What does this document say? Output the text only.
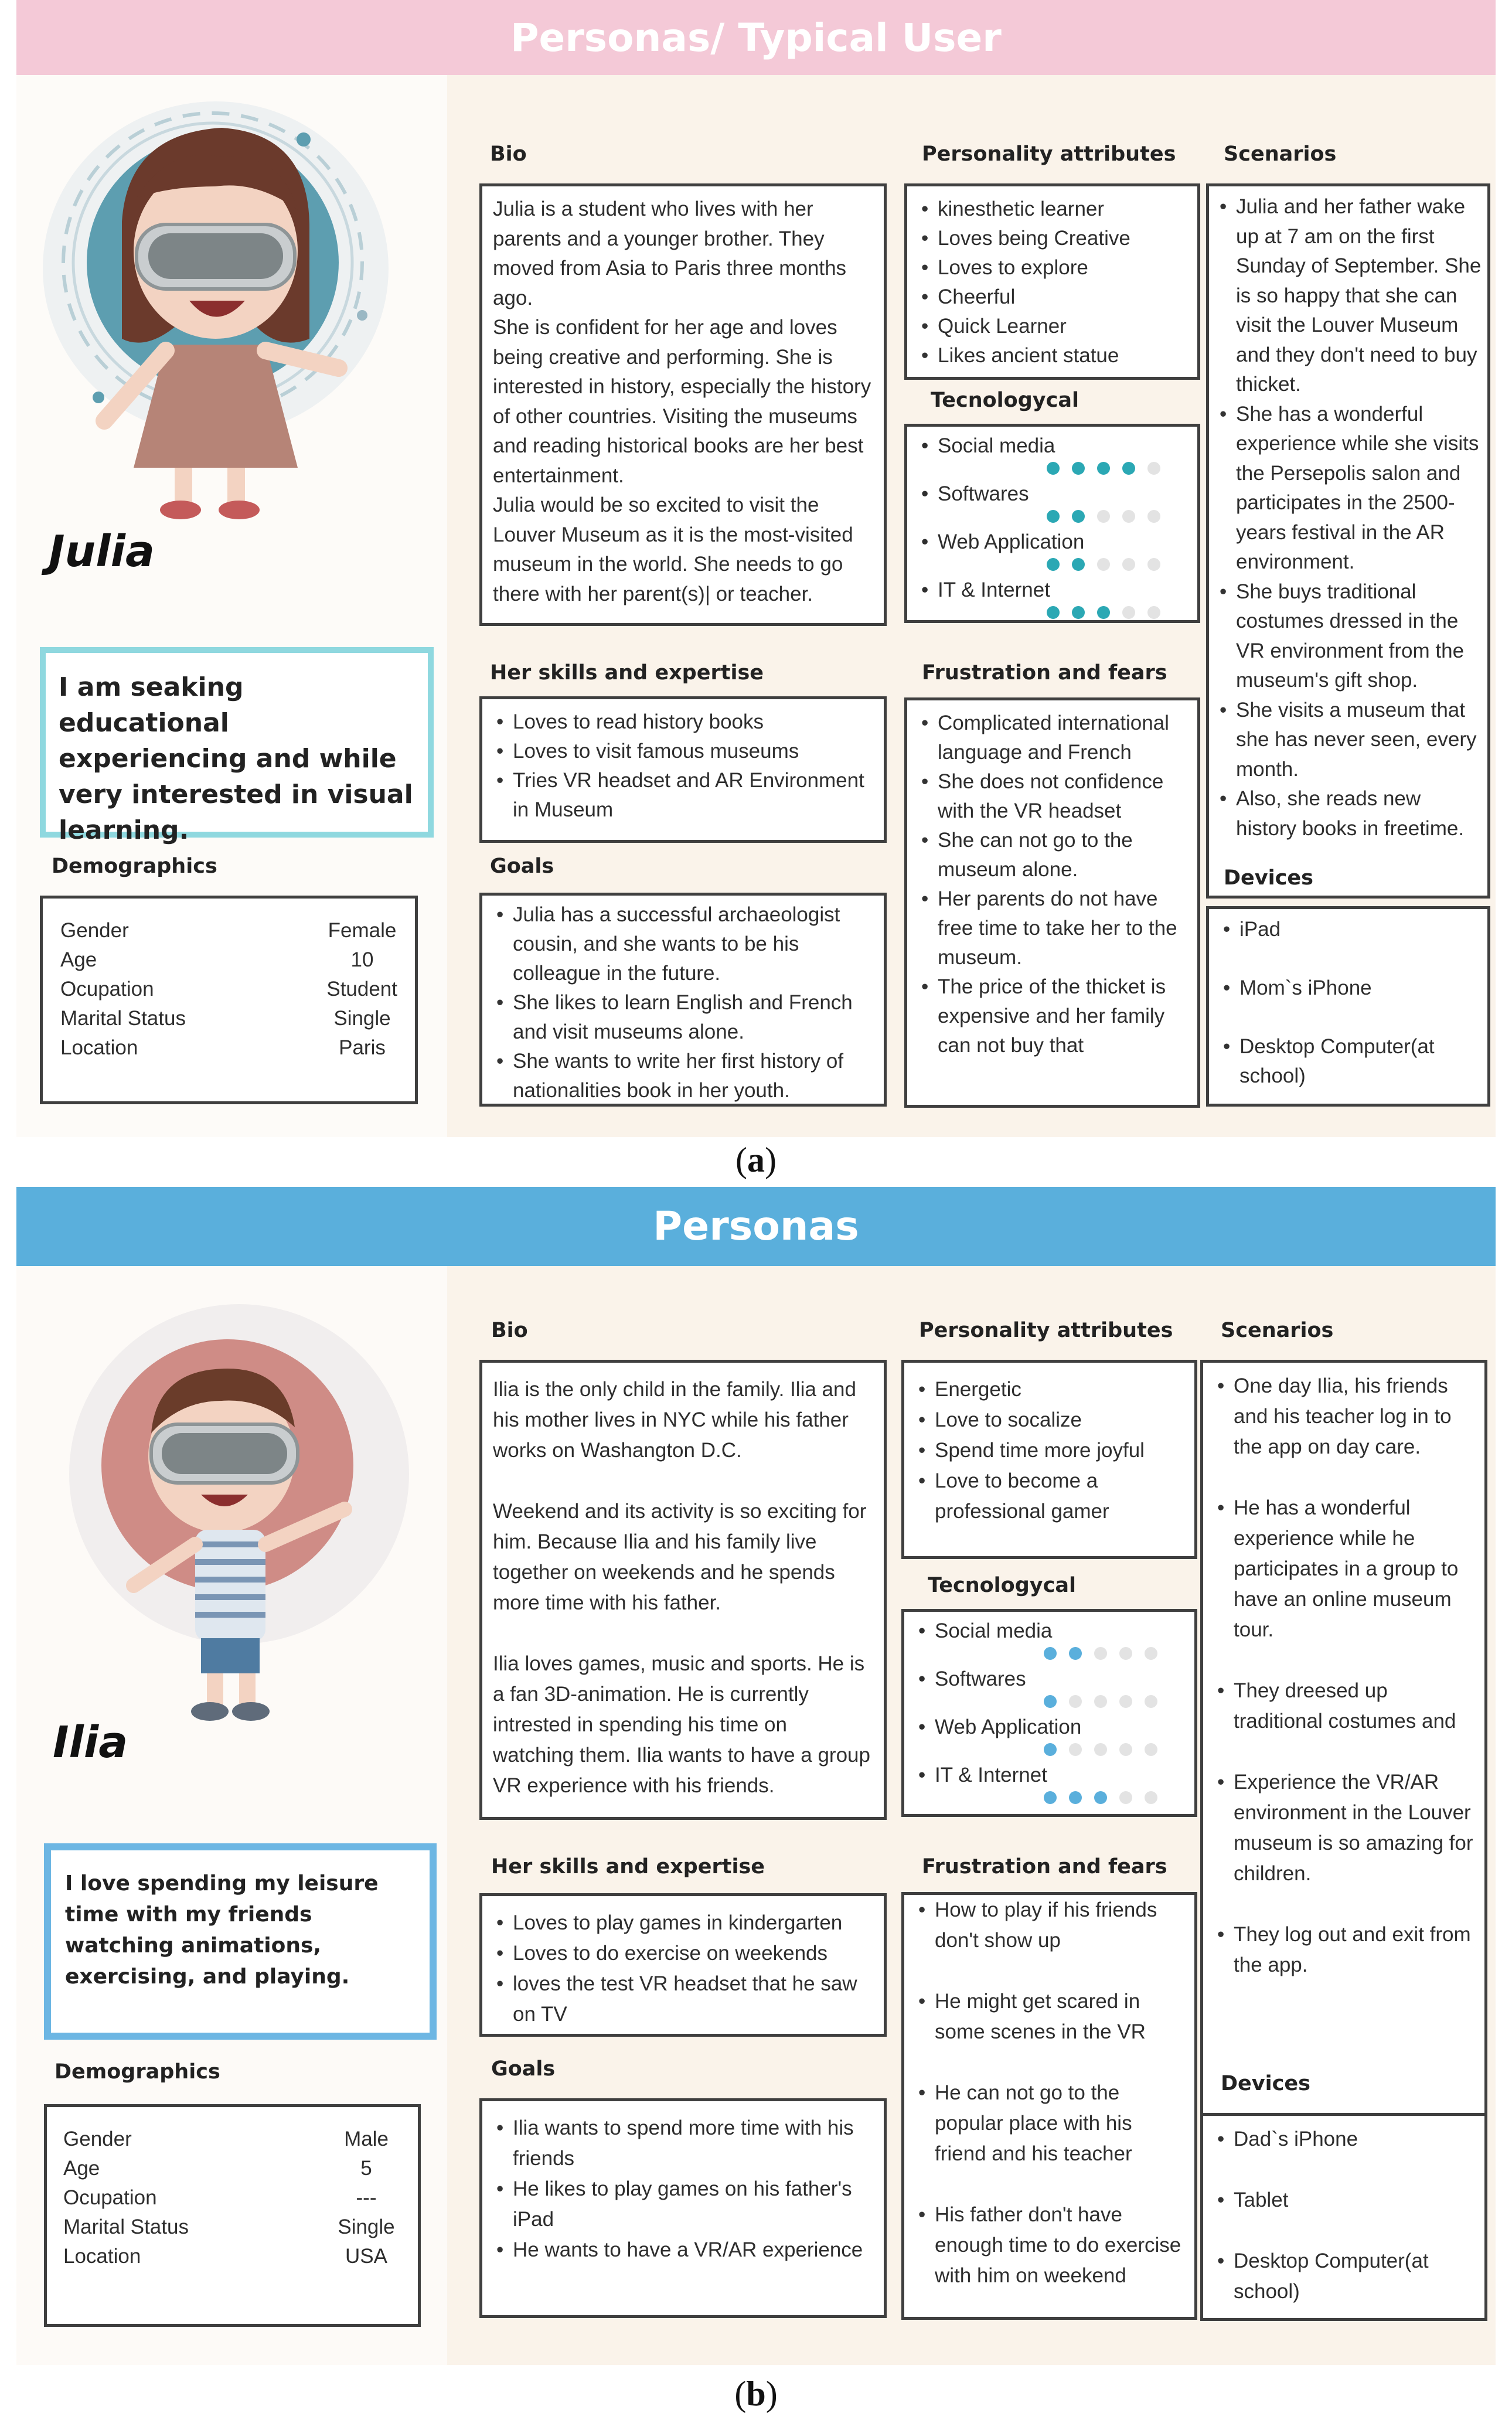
Personas/ Typical User
Julia
I am seaking educational experiencing and while very interested in visual learning.
Demographics
Gender	Female
Age	10
Ocupation	Student
Marital Status	Single
Location	Paris
Bio

Julia is a student who lives with her parents and a younger brother. They moved from Asia to Paris three months ago.

She is confident for her age and loves being creative and performing. She is interested in history, especially the history of other countries. Visiting the museums and reading historical books are her best entertainment.

Julia would be so excited to visit the Louver Museum as it is the most-visited museum in the world. She needs to go there with her parent(s)| or teacher.

Personality attributes
• kinesthetic learner
• Loves being Creative
• Loves to explore
• Cheerful
• Quick Learner
• Likes ancient statue
Tecnologycal
• Social media
• Softwares
• Web Application
• IT & Internet
Scenarios
• Julia and her father wake up at 7 am on the first Sunday of September. She is so happy that she can visit the Louver Museum and they don't need to buy thicket.
• She has a wonderful experience while she visits the Persepolis salon and participates in the 2500-years festival in the AR environment.
• She buys traditional costumes dressed in the VR environment from the museum's gift shop.
• She visits a museum that she has never seen, every month.
• Also, she reads new history books in freetime.
Her skills and expertise
• Loves to read history books
• Loves to visit famous museums
• Tries VR headset and AR Environment in Museum
Goals
• Julia has a successful archaeologist cousin, and she wants to be his colleague in the future.
• She likes to learn English and French and visit museums alone.
• She wants to write her first history of nationalities book in her youth.
Frustration and fears
• Complicated international language and French
• She does not confidence with the VR headset
• She can not go to the museum alone.
• Her parents do not have free time to take her to the museum.
• The price of the thicket is expensive and her family can not buy that
Devices
• iPad
• Mom`s iPhone
• Desktop Computer(at school)
(a)
Personas
Ilia
I love spending my leisure time with my friends watching animations, exercising, and playing.
Demographics
Gender	Male
Age	5
Ocupation	---
Marital Status	Single
Location	USA
Bio

Ilia is the only child in the family. Ilia and his mother lives in NYC while his father works on Washangton D.C.

Weekend and its activity is so exciting for him. Because Ilia and his family live together on weekends and he spends more time with his father.

Ilia loves games, music and sports. He is a fan 3D-animation. He is currently intrested in spending his time on watching them. Ilia wants to have a group VR experience with his friends.

Personality attributes
• Energetic
• Love to socalize
• Spend time more joyful
• Love to become a professional gamer
Tecnologycal
• Social media
• Softwares
• Web Application
• IT & Internet
Scenarios
• One day Ilia, his friends and his teacher log in to the app on day care.
• He has a wonderful experience while he participates in a group to have an online museum tour.
• They dreesed up traditional costumes and
• Experience the VR/AR environment in the Louver museum is so amazing for children.
• They log out and exit from the app.
Her skills and expertise
• Loves to play games in kindergarten
• Loves to do exercise on weekends
• loves the test VR headset that he saw on TV
Goals
• Ilia wants to spend more time with his friends
• He likes to play games on his father's iPad
• He wants to have a VR/AR experience
Frustration and fears
• How to play if his friends don't show up
• He might get scared in some scenes in the VR
• He can not go to the popular place with his friend and his teacher
• His father don't have enough time to do exercise with him on weekend
Devices
• Dad`s iPhone
• Tablet
• Desktop Computer(at school)
(b)
